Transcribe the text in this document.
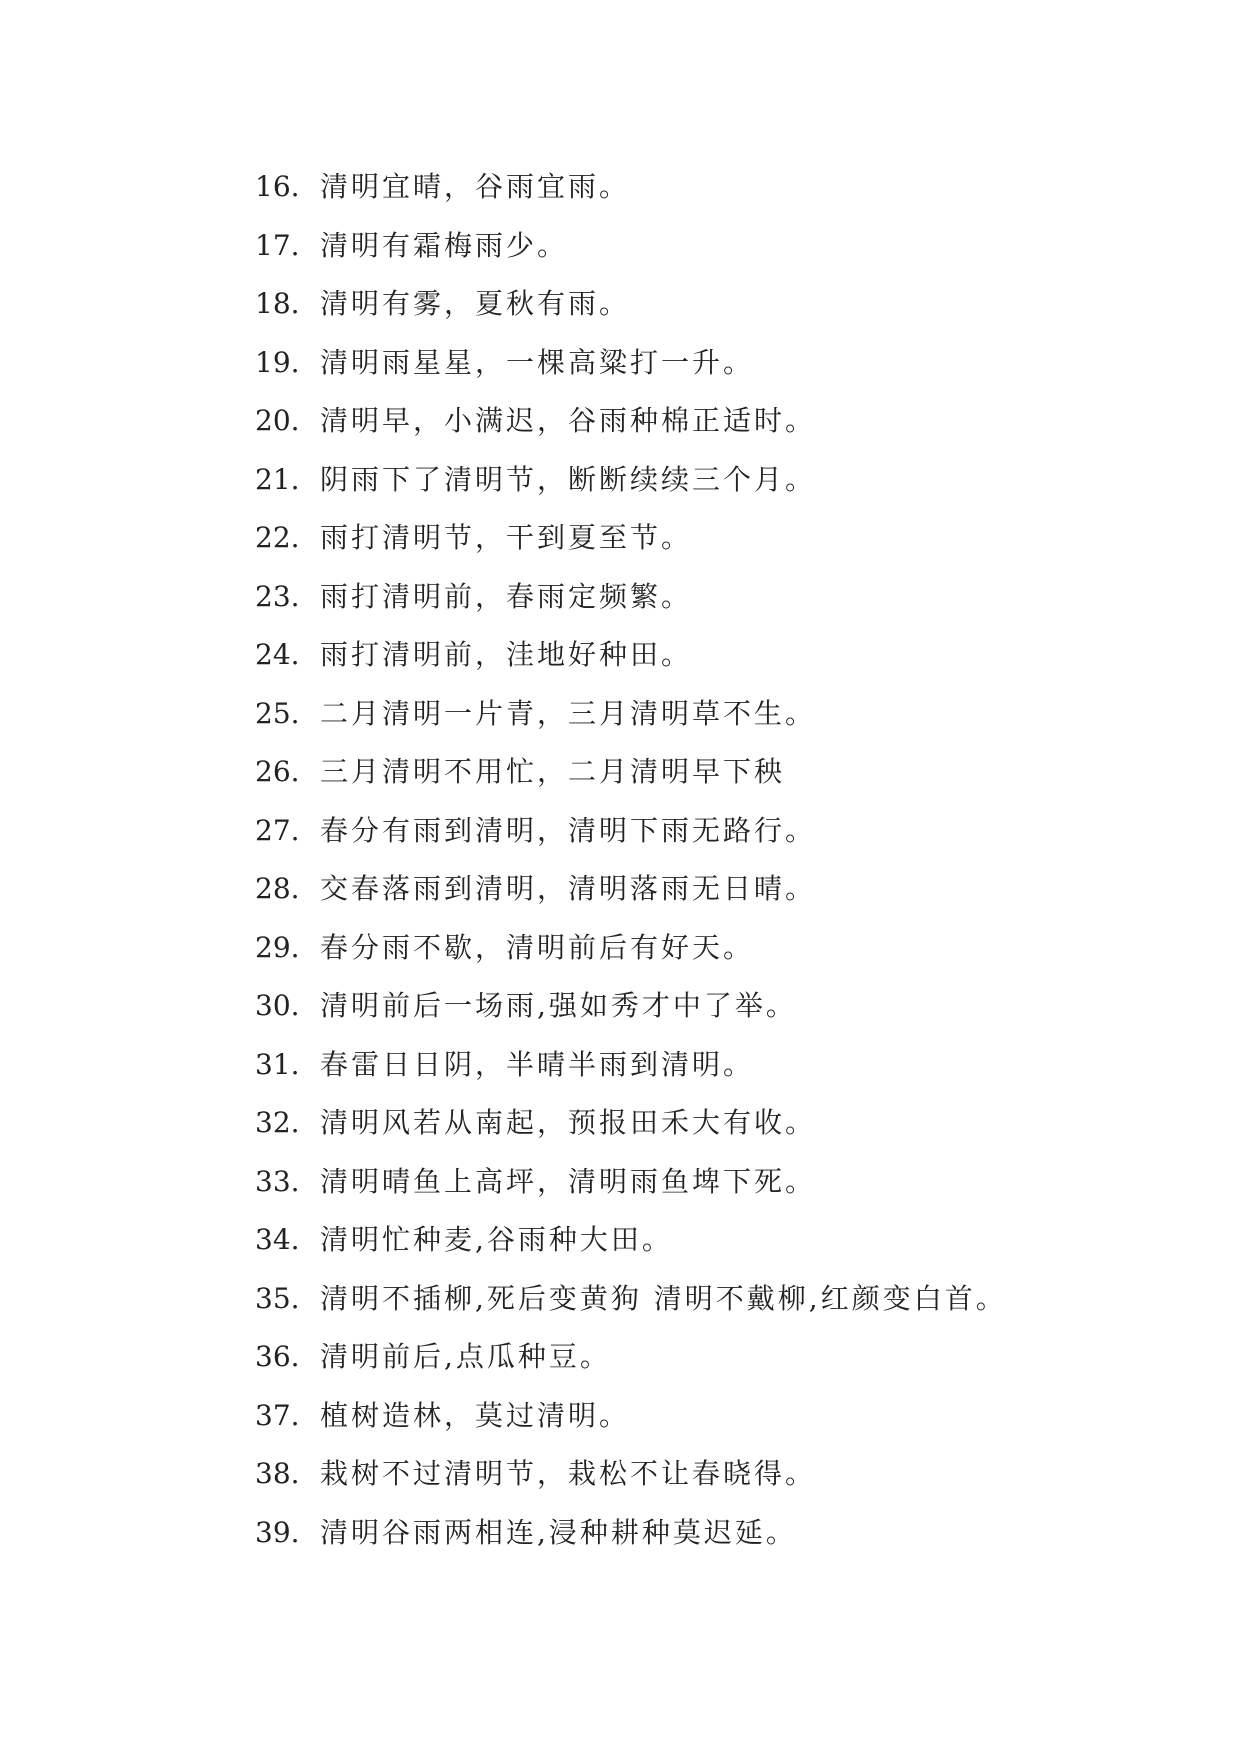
16. 清明宜晴，谷雨宜雨。
17. 清明有霜梅雨少。
18. 清明有雾，夏秋有雨。
19. 清明雨星星，一棵高粱打一升。
20. 清明早，小满迟，谷雨种棉正适时。
21. 阴雨下了清明节，断断续续三个月。
22. 雨打清明节，干到夏至节。
23. 雨打清明前，春雨定频繁。
24. 雨打清明前，洼地好种田。
25. 二月清明一片青，三月清明草不生。
26. 三月清明不用忙，二月清明早下秧
27. 春分有雨到清明，清明下雨无路行。
28. 交春落雨到清明，清明落雨无日晴。
29. 春分雨不歇，清明前后有好天。
30. 清明前后一场雨,强如秀才中了举。
31. 春雷日日阴，半晴半雨到清明。
32. 清明风若从南起，预报田禾大有收。
33. 清明晴鱼上高坪，清明雨鱼埤下死。
34. 清明忙种麦,谷雨种大田。
35. 清明不插柳,死后变黄狗 清明不戴柳,红颜变白首。
36. 清明前后,点瓜种豆。
37. 植树造林，莫过清明。
38. 栽树不过清明节，栽松不让春晓得。
39. 清明谷雨两相连,浸种耕种莫迟延。
